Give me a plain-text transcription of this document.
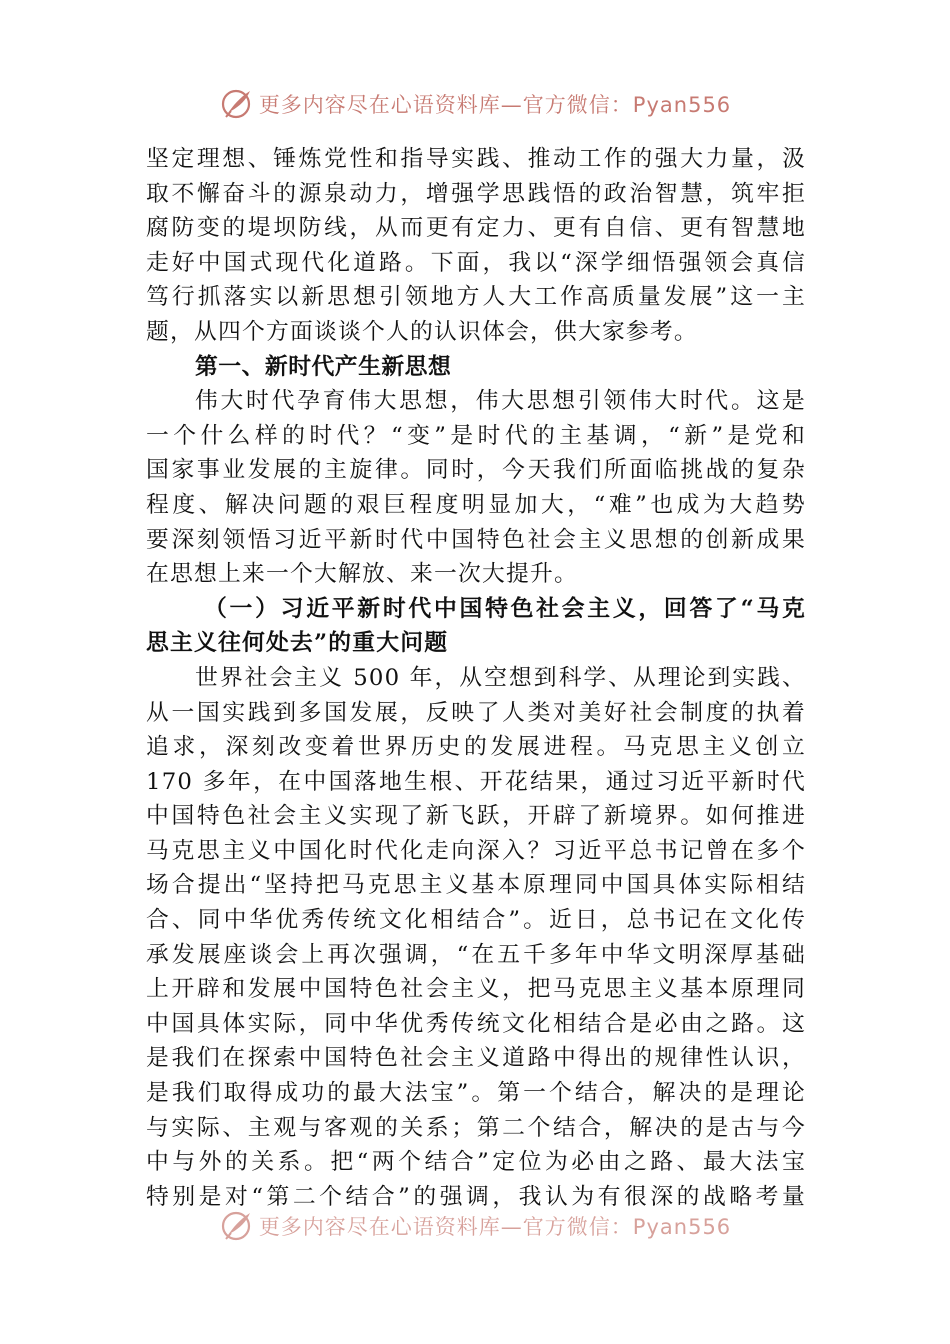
更多内容尽在心语资料库—官方微信：Pyan556
坚定理想、锤炼党性和指导实践、推动工作的强大力量，汲
取不懈奋斗的源泉动力，增强学思践悟的政治智慧，筑牢拒
腐防变的堤坝防线，从而更有定力、更有自信、更有智慧地
走好中国式现代化道路。下面，我以“深学细悟强领会真信
笃行抓落实以新思想引领地方人大工作高质量发展”这一主
题，从四个方面谈谈个人的认识体会，供大家参考。
第一、新时代产生新思想
伟大时代孕育伟大思想，伟大思想引领伟大时代。这是
一个什么样的时代？“变”是时代的主基调，“新”是党和
国家事业发展的主旋律。同时，今天我们所面临挑战的复杂
程度、解决问题的艰巨程度明显加大，“难”也成为大趋势
要深刻领悟习近平新时代中国特色社会主义思想的创新成果
在思想上来一个大解放、来一次大提升。
（一）习近平新时代中国特色社会主义，回答了“马克
思主义往何处去”的重大问题
世界社会主义 500 年，从空想到科学、从理论到实践、
从一国实践到多国发展，反映了人类对美好社会制度的执着
追求，深刻改变着世界历史的发展进程。马克思主义创立
170 多年，在中国落地生根、开花结果，通过习近平新时代
中国特色社会主义实现了新飞跃，开辟了新境界。如何推进
马克思主义中国化时代化走向深入？习近平总书记曾在多个
场合提出“坚持把马克思主义基本原理同中国具体实际相结
合、同中华优秀传统文化相结合”。近日，总书记在文化传
承发展座谈会上再次强调，“在五千多年中华文明深厚基础
上开辟和发展中国特色社会主义，把马克思主义基本原理同
中国具体实际，同中华优秀传统文化相结合是必由之路。这
是我们在探索中国特色社会主义道路中得出的规律性认识，
是我们取得成功的最大法宝”。第一个结合，解决的是理论
与实际、主观与客观的关系；第二个结合，解决的是古与今
中与外的关系。把“两个结合”定位为必由之路、最大法宝
特别是对“第二个结合”的强调，我认为有很深的战略考量
更多内容尽在心语资料库—官方微信：Pyan556
